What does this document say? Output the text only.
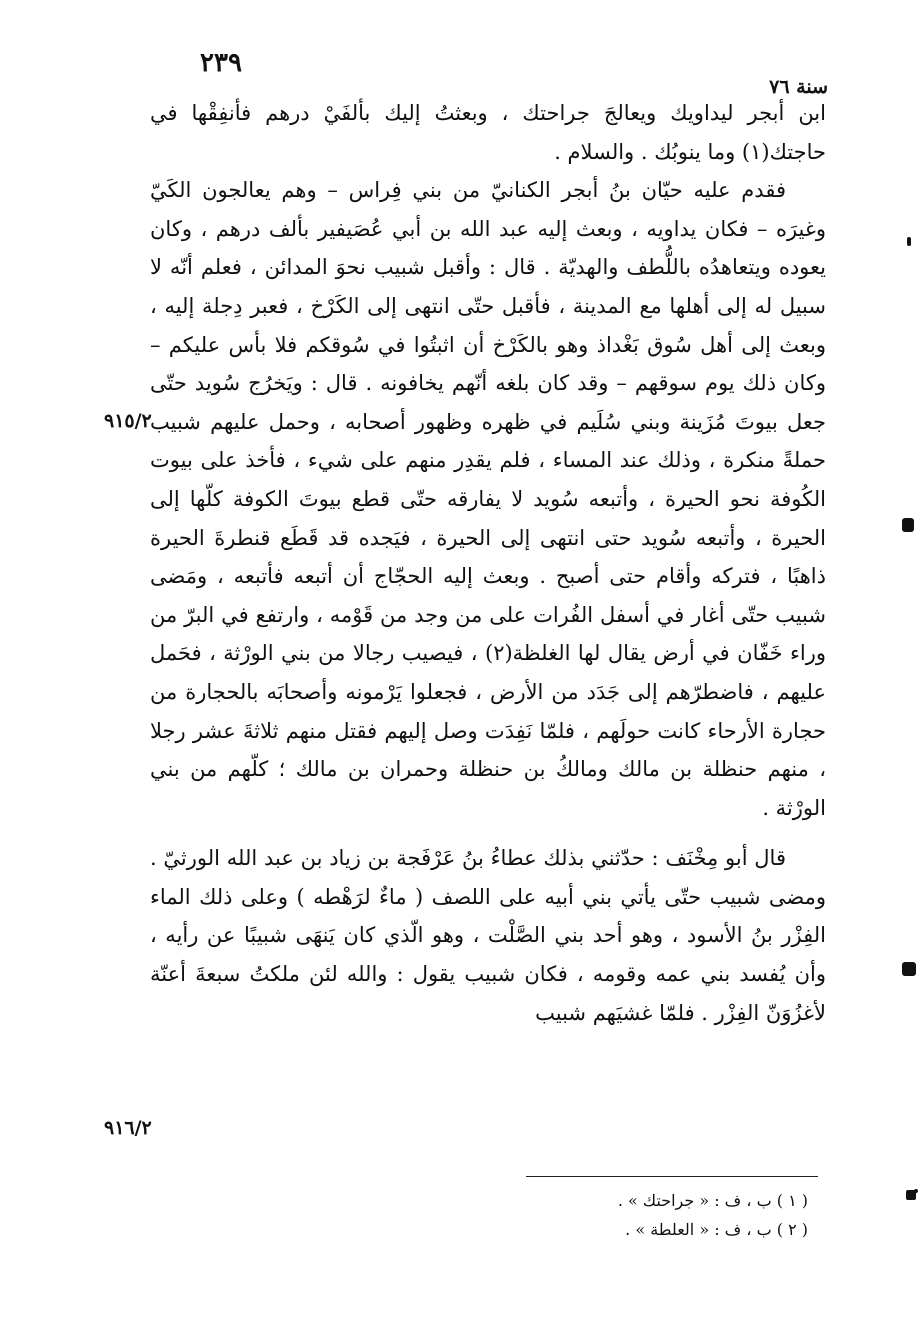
٢٣٩
سنة ٧٦

ابن أبجر ليداويك ويعالجَ جراحتك ، وبعثتُ إليك بألفَيْ درهم فأنفِقْها في حاجتك(١) وما ينوبُك . والسلام .

فقدم عليه حيّان بنُ أبجر الكنانيّ من بني فِراس – وهم يعالجون الكَيّ وغيرَه – فكان يداويه ، وبعث إليه عبد الله بن أبي عُصَيفير بألف درهم ، وكان يعوده ويتعاهدُه باللُّطف والهديّة . قال : وأقبل شبيب نحوَ المدائن ، فعلم أنّه لا سبيل له إلى أهلها مع المدينة ، فأقبل حتّى انتهى إلى الكَرْخ ، فعبر دِجلة إليه ، وبعث إلى أهل سُوق بَغْداذ وهو بالكَرْخ أن اثبتُوا في سُوقكم فلا بأس عليكم – وكان ذلك يوم سوقهم – وقد كان بلغه أنّهم يخافونه . قال : ويَخرُج سُويد حتّى جعل بيوتَ مُزَينة وبني سُلَيم في ظهره وظهور أصحابه ، وحمل عليهم شبيب حملةً منكرة ، وذلك عند المساء ، فلم يقدِر منهم على شيء ، فأخذ على بيوت الكُوفة نحو الحيرة ، وأتبعه سُويد لا يفارقه حتّى قطع بيوتَ الكوفة كلّها إلى الحيرة ، وأتبعه سُويد حتى انتهى إلى الحيرة ، فيَجده قد قَطَع قنطرةَ الحيرة ذاهبًا ، فتركه وأقام حتى أصبح . وبعث إليه الحجّاج أن أتبعه فأتبعه ، ومَضى شبيب حتّى أغار في أسفل الفُرات على من وجد من قَوْمه ، وارتفع في البرّ من وراء خَفّان في أرض يقال لها الغلظة(٢) ، فيصيب رجالا من بني الورْثة ، فحَمل عليهم ، فاضطرّهم إلى جَدَد من الأرض ، فجعلوا يَرْمونه وأصحابَه بالحجارة من حجارة الأرحاء كانت حولَهم ، فلمّا نَفِدَت وصل إليهم فقتل منهم ثلاثةَ عشر رجلا ، منهم حنظلة بن مالك ومالكُ بن حنظلة وحمران بن مالك ؛ كلّهم من بني الورْثة .

قال أبو مِخْنَف : حدّثني بذلك عطاءُ بنُ عَرْفَجة بن زياد بن عبد الله الورثيّ . ومضى شبيب حتّى يأتي بني أبيه على اللصف ( ماءٌ لرَهْطه ) وعلى ذلك الماء الفِزْر بنُ الأسود ، وهو أحد بني الصَّلْت ، وهو الّذي كان يَنهَى شبيبًا عن رأيه ، وأن يُفسد بني عمه وقومه ، فكان شبيب يقول : والله لئن ملكتُ سبعةَ أعنّة لأغزُوَنّ الفِزْر . فلمّا غشيَهم شبيب

٩١٥/٢
٩١٦/٢

( ١ ) ب ، ف : « جراحتك » .

( ٢ ) ب ، ف : « العلطة » .
